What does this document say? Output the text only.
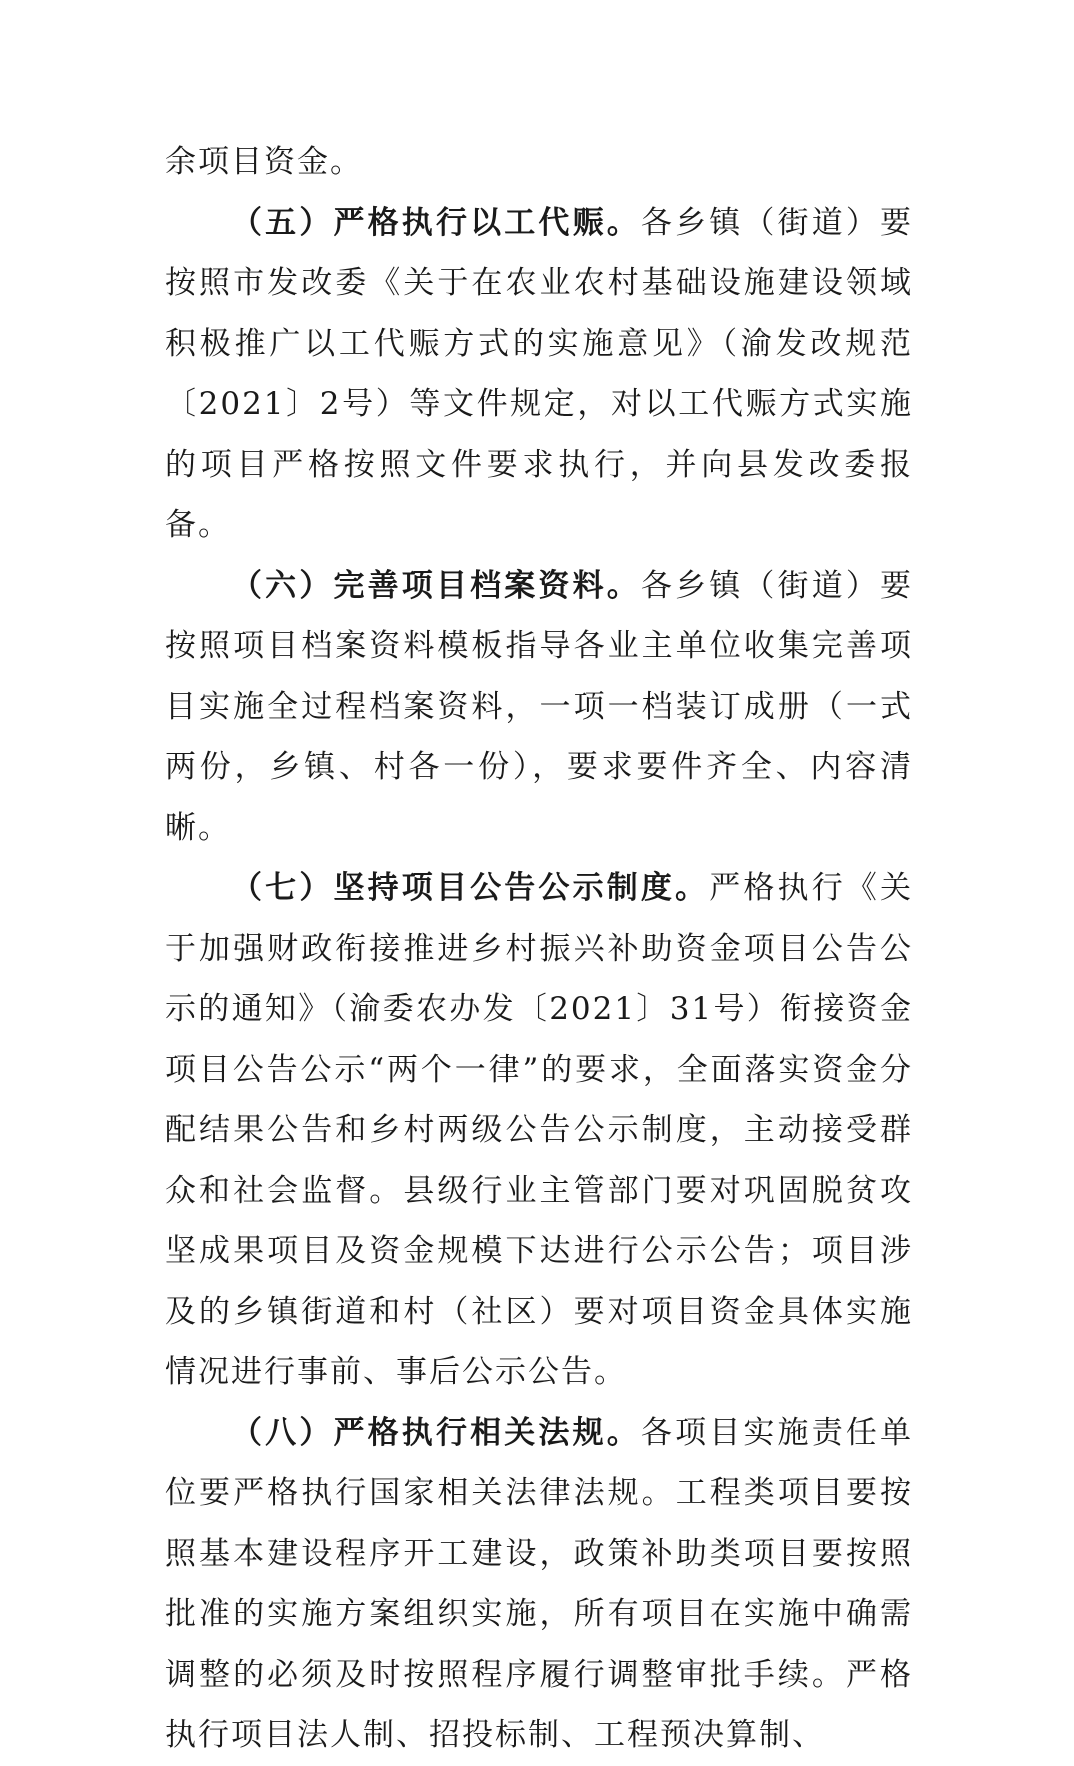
余项目资金。

（五）严格执行以工代赈。各乡镇（街道）要按照市发改委《关于在农业农村基础设施建设领域积极推广以工代赈方式的实施意见》（渝发改规范〔2021〕2号）等文件规定，对以工代赈方式实施的项目严格按照文件要求执行，并向县发改委报备。

（六）完善项目档案资料。各乡镇（街道）要按照项目档案资料模板指导各业主单位收集完善项目实施全过程档案资料，一项一档装订成册（一式两份，乡镇、村各一份），要求要件齐全、内容清晰。

（七）坚持项目公告公示制度。严格执行《关于加强财政衔接推进乡村振兴补助资金项目公告公示的通知》（渝委农办发〔2021〕31号）衔接资金项目公告公示“两个一律”的要求，全面落实资金分配结果公告和乡村两级公告公示制度，主动接受群众和社会监督。县级行业主管部门要对巩固脱贫攻坚成果项目及资金规模下达进行公示公告；项目涉及的乡镇街道和村（社区）要对项目资金具体实施情况进行事前、事后公示公告。

（八）严格执行相关法规。各项目实施责任单位要严格执行国家相关法律法规。工程类项目要按照基本建设程序开工建设，政策补助类项目要按照批准的实施方案组织实施，所有项目在实施中确需调整的必须及时按照程序履行调整审批手续。严格执行项目法人制、招投标制、工程预决算制、
